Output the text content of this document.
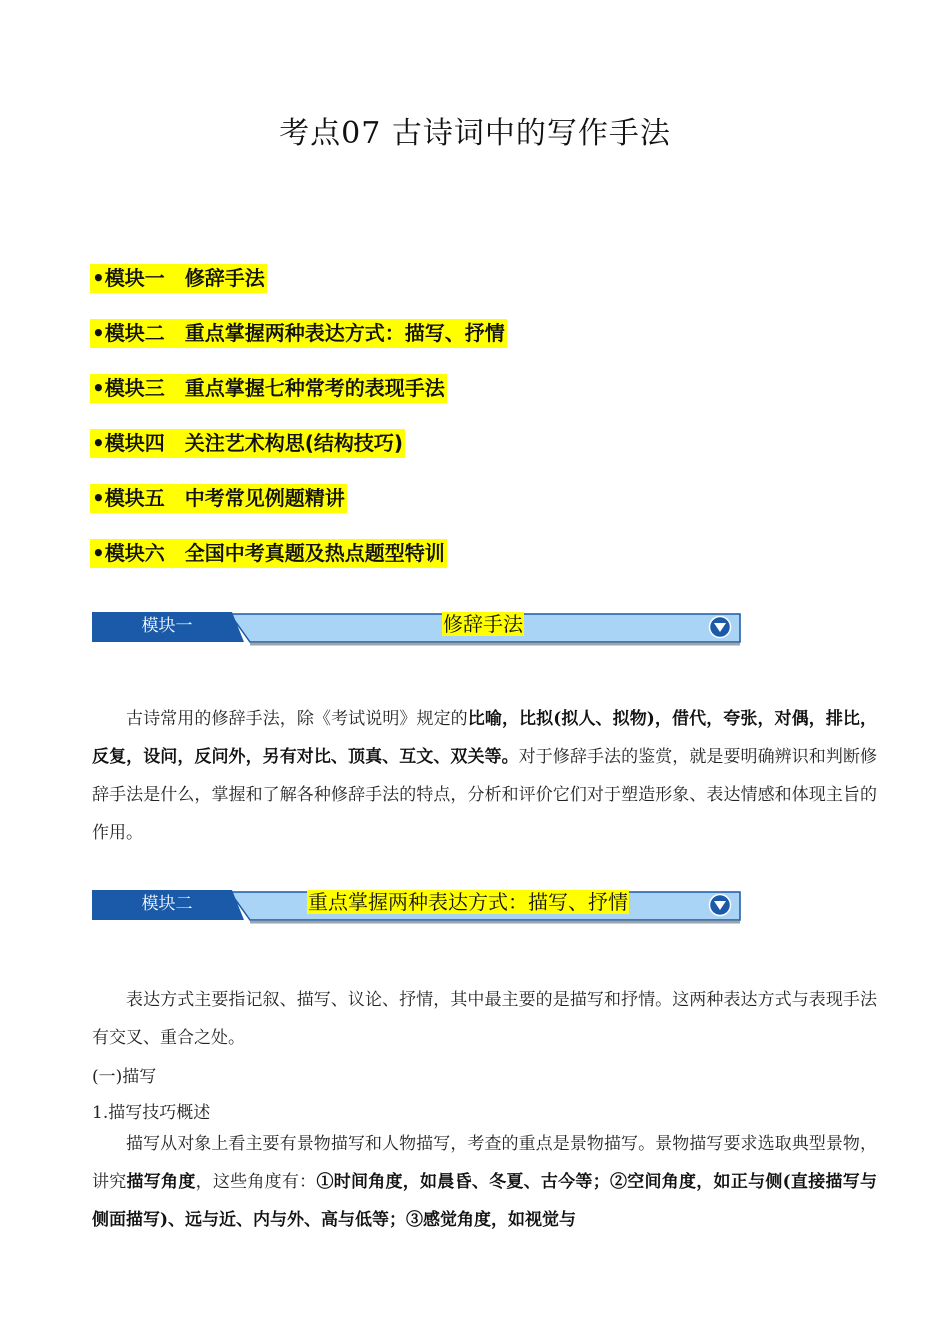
考点07 古诗词中的写作手法
•模块一 修辞手法
•模块二 重点掌握两种表达方式：描写、抒情
•模块三 重点掌握七种常考的表现手法
•模块四 关注艺术构思(结构技巧)
•模块五 中考常见例题精讲
•模块六 全国中考真题及热点题型特训
模块一	修辞手法
古诗常用的修辞手法，除《考试说明》规定的比喻，比拟(拟人、拟物)，借代，夸张，对偶，排比，反复，设问，反问外，另有对比、顶真、互文、双关等。对于修辞手法的鉴赏，就是要明确辨识和判断修辞手法是什么，掌握和了解各种修辞手法的特点，分析和评价它们对于塑造形象、表达情感和体现主旨的作用。
模块二	重点掌握两种表达方式：描写、抒情
表达方式主要指记叙、描写、议论、抒情，其中最主要的是描写和抒情。这两种表达方式与表现手法有交叉、重合之处。
(一)描写
1.描写技巧概述
描写从对象上看主要有景物描写和人物描写，考查的重点是景物描写。景物描写要求选取典型景物，讲究描写角度，这些角度有：①时间角度，如晨昏、冬夏、古今等；②空间角度，如正与侧(直接描写与侧面描写)、远与近、内与外、高与低等；③感觉角度，如视觉与
